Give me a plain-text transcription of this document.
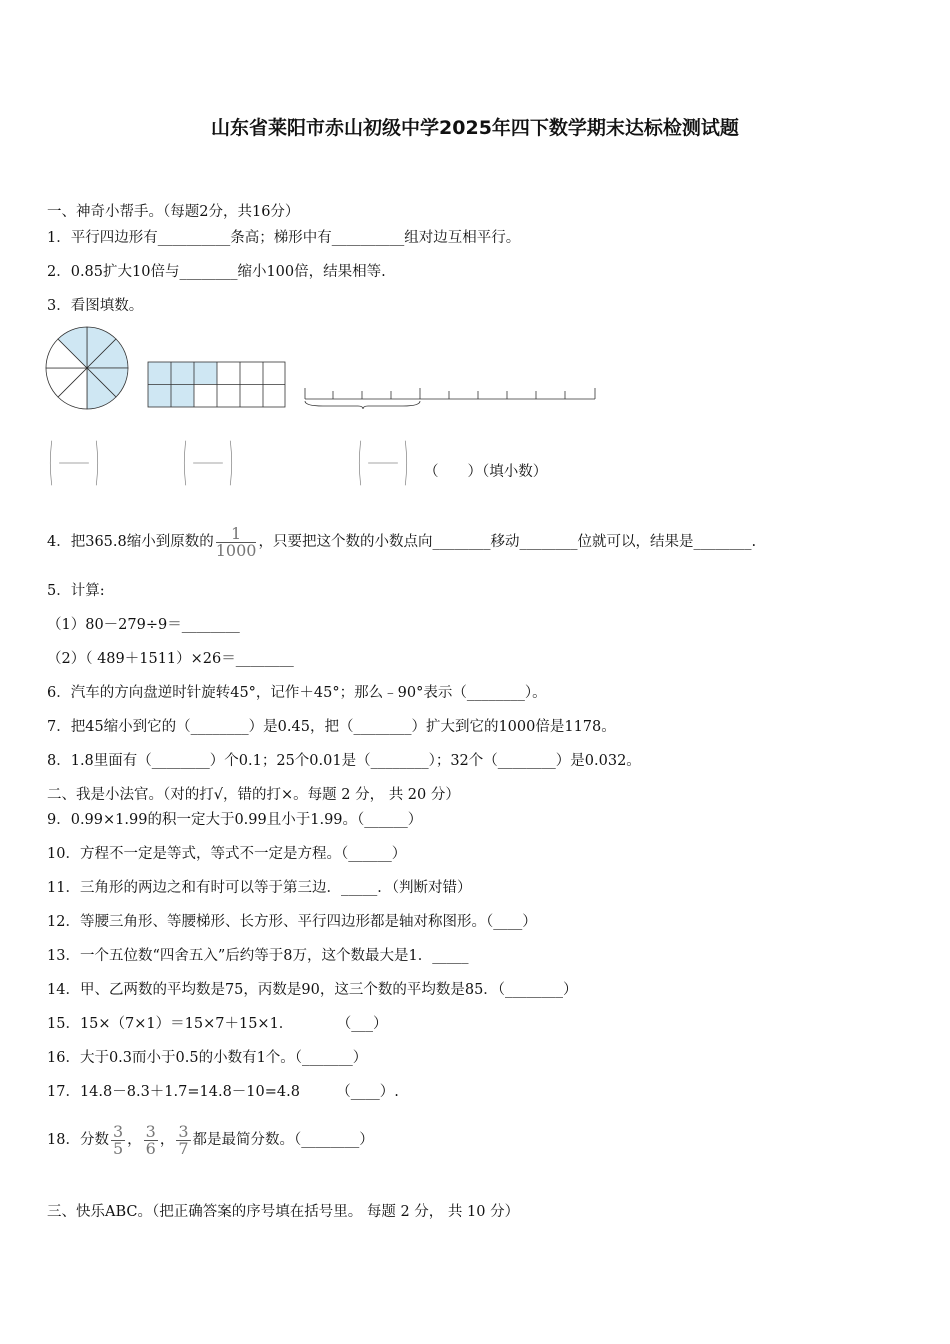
山东省莱阳市赤山初级中学2025年四下数学期末达标检测试题
一、神奇小帮手。（每题2分，共16分）
1．平行四边形有__________条高；梯形中有__________组对边互相平行。
2．0.85扩大10倍与________缩小100倍，结果相等.
3．看图填数。
（　　）（填小数）
4．把365.8缩小到原数的 $\frac{1}{1000}$ ，只要把这个数的小数点向________移动________位就可以，结果是________.
5．计算:
（1）80－279÷9＝________
（2）（ 489＋1511）×26＝________
6．汽车的方向盘逆时针旋转45°，记作＋45°；那么﹣90°表示（________）。
7．把45缩小到它的（________）是0.45，把（________）扩大到它的1000倍是1178。
8．1.8里面有（________）个0.1；25个0.01是（________）；32个（________）是0.032。
二、我是小法官。（对的打√，错的打×。每题 2 分， 共 20 分）
9．0.99×1.99的积一定大于0.99且小于1.99。（______）
10．方程不一定是等式，等式不一定是方程。（______）
11．三角形的两边之和有时可以等于第三边．_____．（判断对错）
12．等腰三角形、等腰梯形、长方形、平行四边形都是轴对称图形。（____）
13．一个五位数“四舍五入”后约等于8万，这个数最大是1．_____
14．甲、乙两数的平均数是75，丙数是90，这三个数的平均数是85．（________）
15．15×（7×1）＝15×7＋15×1．　　　　（___）
16．大于0.3而小于0.5的小数有1个。（_______）
17．14.8－8.3＋1.7=14.8－10=4.8　　　（____）.
18．分数 $\frac{3}{5}$ ， $\frac{3}{6}$ ， $\frac{3}{7}$ 都是最简分数。（________）
三、快乐ABC。（把正确答案的序号填在括号里。 每题 2 分， 共 10 分）
